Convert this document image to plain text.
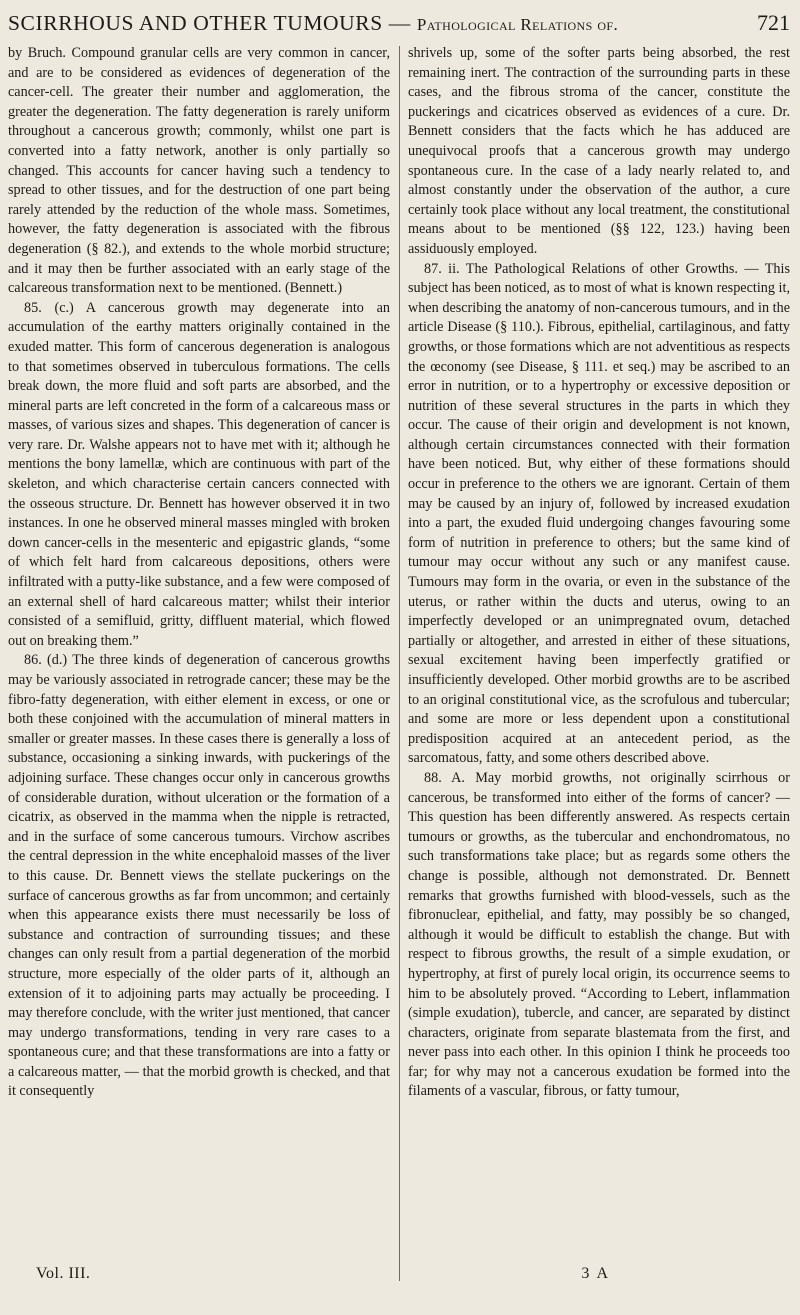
SCIRRHOUS AND OTHER TUMOURS — Pathological Relations of.	721

by Bruch. Compound granular cells are very common in cancer, and are to be considered as evidences of degeneration of the cancer-cell. The greater their number and agglomeration, the greater the degeneration. The fatty degeneration is rarely uniform throughout a cancerous growth; commonly, whilst one part is converted into a fatty network, another is only partially so changed. This accounts for cancer having such a tendency to spread to other tissues, and for the destruction of one part being rarely attended by the reduction of the whole mass. Sometimes, however, the fatty degeneration is associated with the fibrous degeneration (§ 82.), and extends to the whole morbid structure; and it may then be further associated with an early stage of the calcareous transformation next to be mentioned. (Bennett.)

85. (c.) A cancerous growth may degenerate into an accumulation of the earthy matters originally contained in the exuded matter. This form of cancerous degeneration is analogous to that sometimes observed in tuberculous formations. The cells break down, the more fluid and soft parts are absorbed, and the mineral parts are left concreted in the form of a calcareous mass or masses, of various sizes and shapes. This degeneration of cancer is very rare. Dr. Walshe appears not to have met with it; although he mentions the bony lamellæ, which are continuous with part of the skeleton, and which characterise certain cancers connected with the osseous structure. Dr. Bennett has however observed it in two instances. In one he observed mineral masses mingled with broken down cancer-cells in the mesenteric and epigastric glands, “some of which felt hard from calcareous depositions, others were infiltrated with a putty-like substance, and a few were composed of an external shell of hard calcareous matter; whilst their interior consisted of a semifluid, gritty, diffluent material, which flowed out on breaking them.”

86. (d.) The three kinds of degeneration of cancerous growths may be variously associated in retrograde cancer; these may be the fibro-fatty degeneration, with either element in excess, or one or both these conjoined with the accumulation of mineral matters in smaller or greater masses. In these cases there is generally a loss of substance, occasioning a sinking inwards, with puckerings of the adjoining surface. These changes occur only in cancerous growths of considerable duration, without ulceration or the formation of a cicatrix, as observed in the mamma when the nipple is retracted, and in the surface of some cancerous tumours. Virchow ascribes the central depression in the white encephaloid masses of the liver to this cause. Dr. Bennett views the stellate puckerings on the surface of cancerous growths as far from uncommon; and certainly when this appearance exists there must necessarily be loss of substance and contraction of surrounding tissues; and these changes can only result from a partial degeneration of the morbid structure, more especially of the older parts of it, although an extension of it to adjoining parts may actually be proceeding. I may therefore conclude, with the writer just mentioned, that cancer may undergo transformations, tending in very rare cases to a spontaneous cure; and that these transformations are into a fatty or a calcareous matter, — that the morbid growth is checked, and that it consequently

shrivels up, some of the softer parts being absorbed, the rest remaining inert. The contraction of the surrounding parts in these cases, and the fibrous stroma of the cancer, constitute the puckerings and cicatrices observed as evidences of a cure. Dr. Bennett considers that the facts which he has adduced are unequivocal proofs that a cancerous growth may undergo spontaneous cure. In the case of a lady nearly related to, and almost constantly under the observation of the author, a cure certainly took place without any local treatment, the constitutional means about to be mentioned (§§ 122, 123.) having been assiduously employed.

87. ii. The Pathological Relations of other Growths. — This subject has been noticed, as to most of what is known respecting it, when describing the anatomy of non-cancerous tumours, and in the article Disease (§ 110.). Fibrous, epithelial, cartilaginous, and fatty growths, or those formations which are not adventitious as respects the œconomy (see Disease, § 111. et seq.) may be ascribed to an error in nutrition, or to a hypertrophy or excessive deposition or nutrition of these several structures in the parts in which they occur. The cause of their origin and development is not known, although certain circumstances connected with their formation have been noticed. But, why either of these formations should occur in preference to the others we are ignorant. Certain of them may be caused by an injury of, followed by increased exudation into a part, the exuded fluid undergoing changes favouring some form of nutrition in preference to others; but the same kind of tumour may occur without any such or any manifest cause. Tumours may form in the ovaria, or even in the substance of the uterus, or rather within the ducts and uterus, owing to an imperfectly developed or an unimpregnated ovum, detached partially or altogether, and arrested in either of these situations, sexual excitement having been imperfectly gratified or insufficiently developed. Other morbid growths are to be ascribed to an original constitutional vice, as the scrofulous and tubercular; and some are more or less dependent upon a constitutional predisposition acquired at an antecedent period, as the sarcomatous, fatty, and some others described above.

88. A. May morbid growths, not originally scirrhous or cancerous, be transformed into either of the forms of cancer? — This question has been differently answered. As respects certain tumours or growths, as the tubercular and enchondromatous, no such transformations take place; but as regards some others the change is possible, although not demonstrated. Dr. Bennett remarks that growths furnished with blood-vessels, such as the fibronuclear, epithelial, and fatty, may possibly be so changed, although it would be difficult to establish the change. But with respect to fibrous growths, the result of a simple exudation, or hypertrophy, at first of purely local origin, its occurrence seems to him to be absolutely proved. “According to Lebert, inflammation (simple exudation), tubercle, and cancer, are separated by distinct characters, originate from separate blastemata from the first, and never pass into each other. In this opinion I think he proceeds too far; for why may not a cancerous exudation be formed into the filaments of a vascular, fibrous, or fatty tumour,

Vol. III.	3 A
